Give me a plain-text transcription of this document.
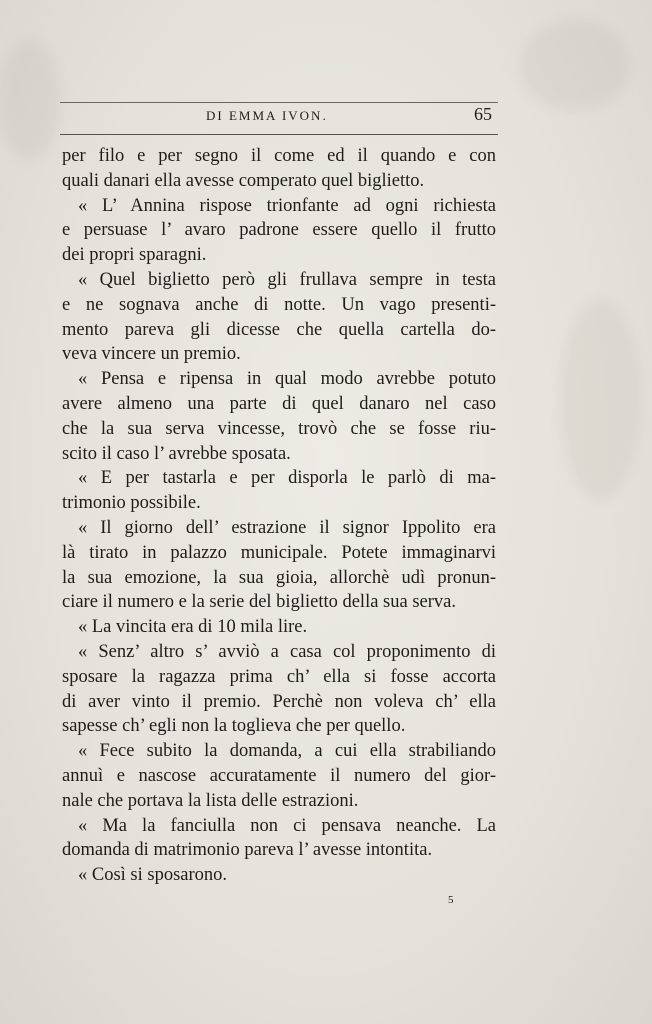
DI EMMA IVON.	65
per filo e per segno il come ed il quando e con
quali danari ella avesse comperato quel biglietto.
« L’ Annina rispose trionfante ad ogni richiesta
e persuase l’ avaro padrone essere quello il frutto
dei propri sparagni.
« Quel biglietto però gli frullava sempre in testa
e ne sognava anche di notte. Un vago presenti-
mento pareva gli dicesse che quella cartella do-
veva vincere un premio.
« Pensa e ripensa in qual modo avrebbe potuto
avere almeno una parte di quel danaro nel caso
che la sua serva vincesse, trovò che se fosse riu-
scito il caso l’ avrebbe sposata.
« E per tastarla e per disporla le parlò di ma-
trimonio possibile.
« Il giorno dell’ estrazione il signor Ippolito era
là tirato in palazzo municipale. Potete immaginarvi
la sua emozione, la sua gioia, allorchè udì pronun-
ciare il numero e la serie del biglietto della sua serva.
« La vincita era di 10 mila lire.
« Senz’ altro s’ avviò a casa col proponimento di
sposare la ragazza prima ch’ ella si fosse accorta
di aver vinto il premio. Perchè non voleva ch’ ella
sapesse ch’ egli non la toglieva che per quello.
« Fece subito la domanda, a cui ella strabiliando
annuì e nascose accuratamente il numero del gior-
nale che portava la lista delle estrazioni.
« Ma la fanciulla non ci pensava neanche. La
domanda di matrimonio pareva l’ avesse intontita.
« Così si sposarono.
5
